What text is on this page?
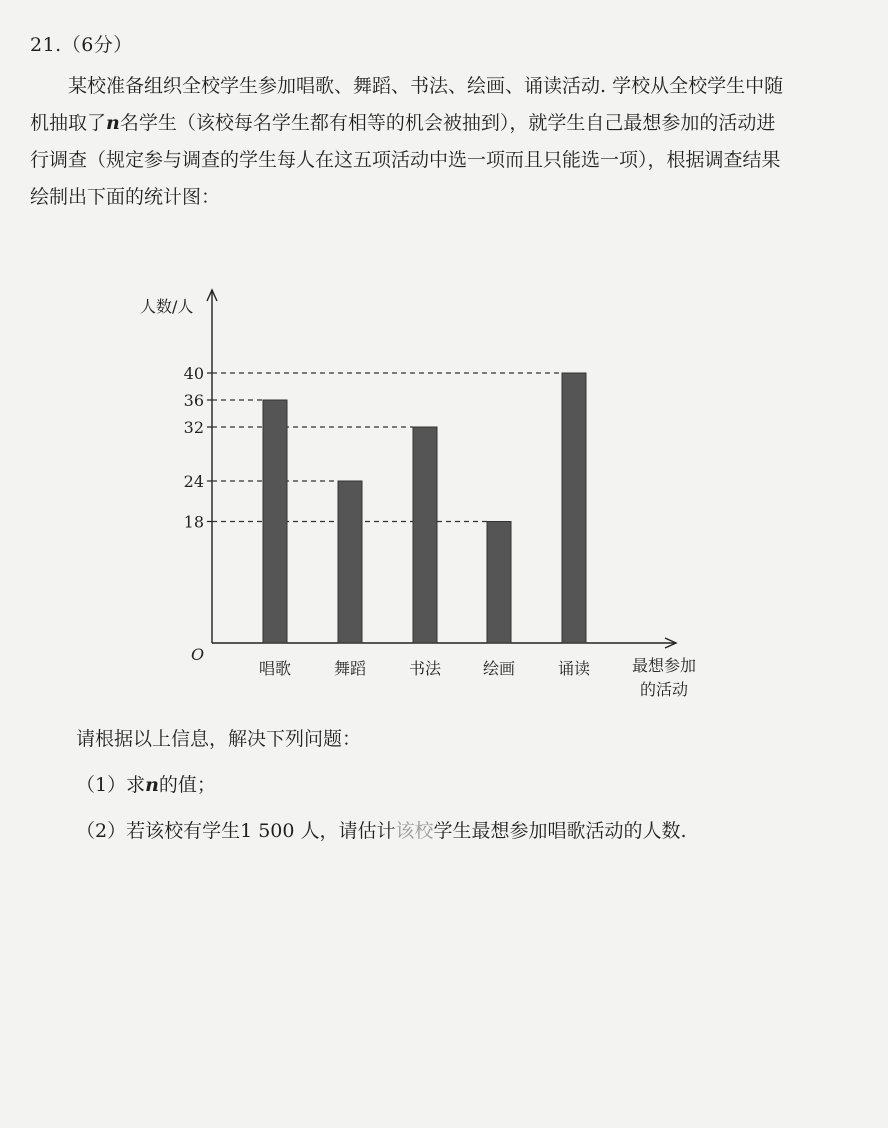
21.（6分）
某校准备组织全校学生参加唱歌、舞蹈、书法、绘画、诵读活动. 学校从全校学生中随
机抽取了n名学生（该校每名学生都有相等的机会被抽到），就学生自己最想参加的活动进
行调查（规定参与调查的学生每人在这五项活动中选一项而且只能选一项），根据调查结果
绘制出下面的统计图：
人数/人
O
18
24
32
36
40
唱歌	舞蹈	书法	绘画	诵读	最想参加
的活动
请根据以上信息，解决下列问题：
（1）求n的值；
（2）若该校有学生1 500 人，请估计该校学生最想参加唱歌活动的人数.
